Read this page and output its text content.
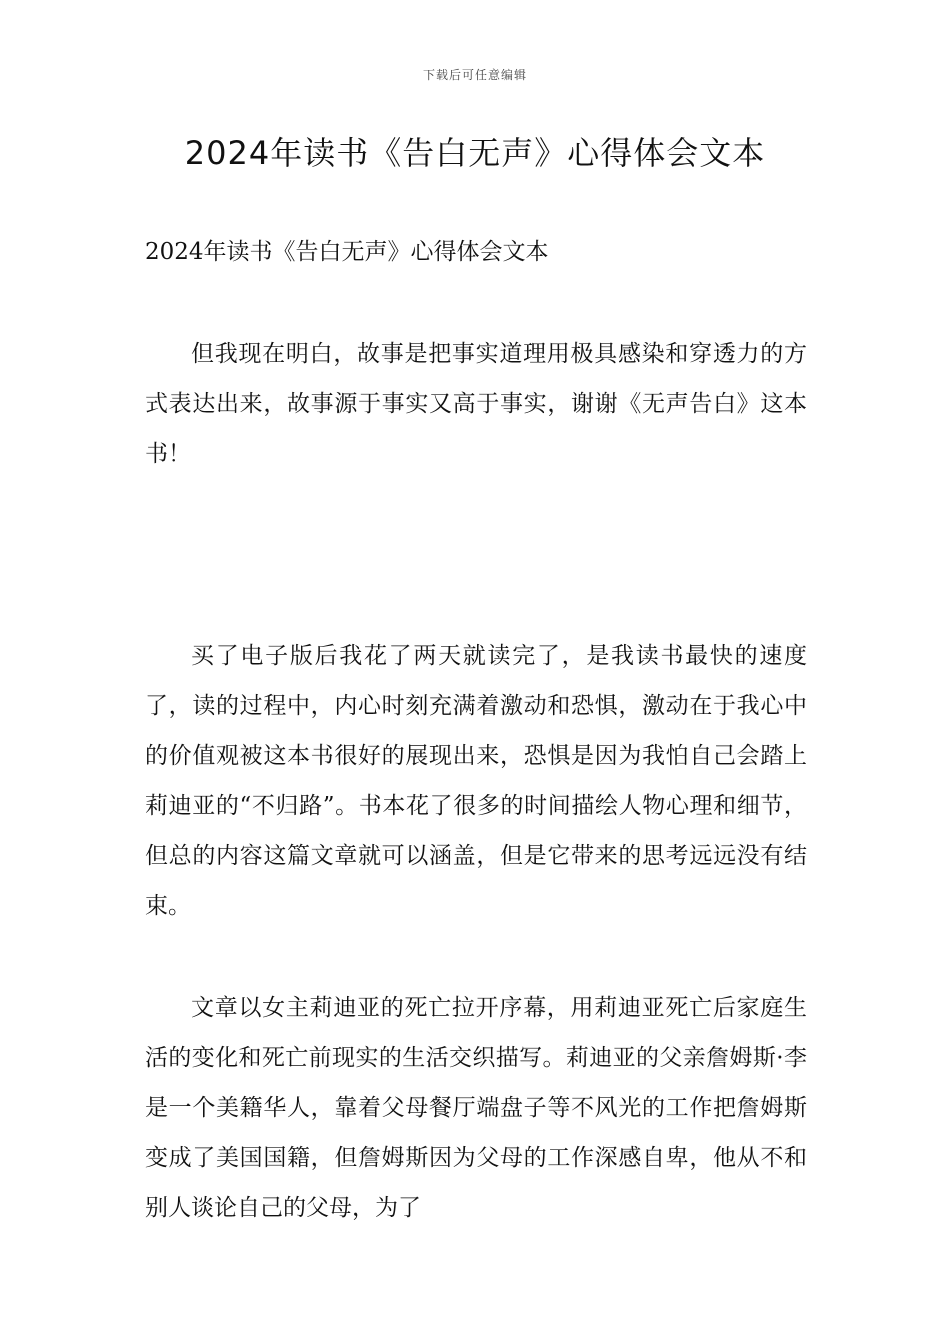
下载后可任意编辑
2024年读书《告白无声》心得体会文本

2024年读书《告白无声》心得体会文本

但我现在明白，故事是把事实道理用极具感染和穿透力的方式表达出来，故事源于事实又高于事实，谢谢《无声告白》这本书！

买了电子版后我花了两天就读完了，是我读书最快的速度了，读的过程中，内心时刻充满着激动和恐惧，激动在于我心中的价值观被这本书很好的展现出来，恐惧是因为我怕自己会踏上莉迪亚的“不归路”。书本花了很多的时间描绘人物心理和细节，但总的内容这篇文章就可以涵盖，但是它带来的思考远远没有结束。

文章以女主莉迪亚的死亡拉开序幕，用莉迪亚死亡后家庭生活的变化和死亡前现实的生活交织描写。莉迪亚的父亲詹姆斯·李是一个美籍华人，靠着父母餐厅端盘子等不风光的工作把詹姆斯变成了美国国籍，但詹姆斯因为父母的工作深感自卑，他从不和别人谈论自己的父母，为了
